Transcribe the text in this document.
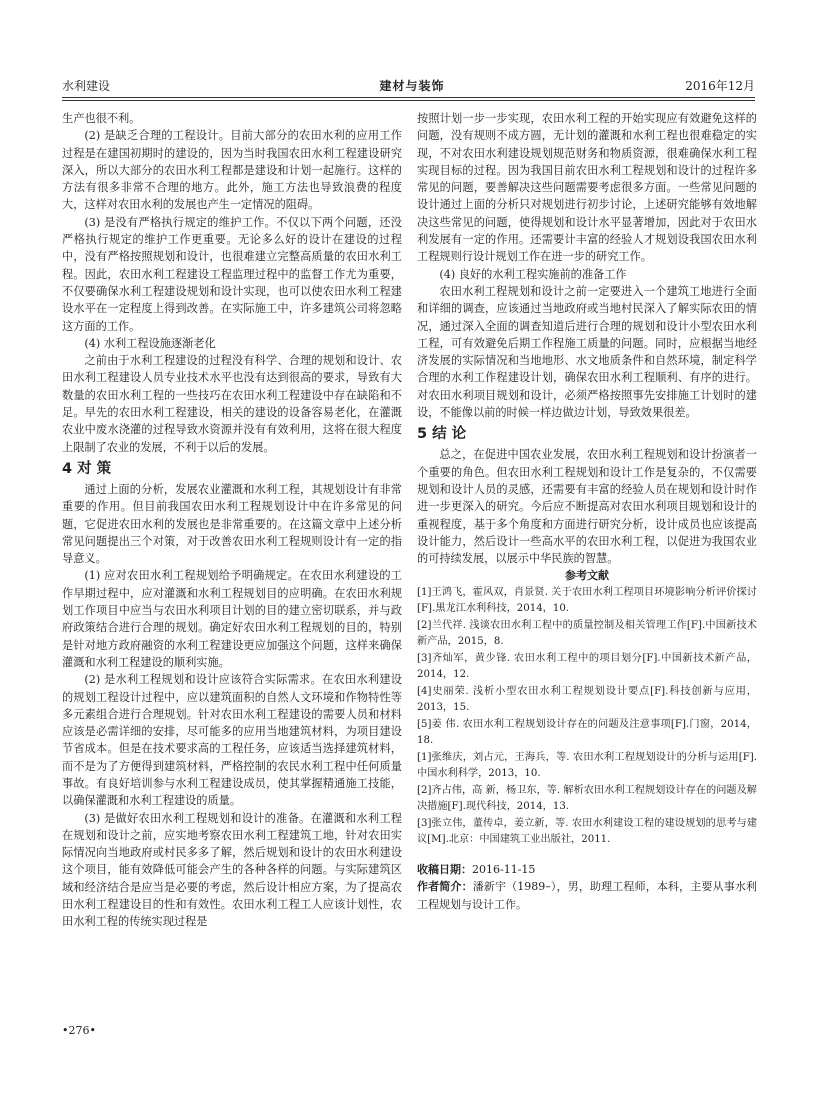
水利建设	建材与装饰	2016年12月

生产也很不利。

(2) 是缺乏合理的工程设计。目前大部分的农田水利的应用工作过程是在建国初期时的建设的，因为当时我国农田水利工程建设研究深入，所以大部分的农田水利工程都是建设和计划一起施行。这样的方法有很多非常不合理的地方。此外，施工方法也导致浪费的程度大，这样对农田水利的发展也产生一定情况的阻碍。

(3) 是没有严格执行规定的维护工作。不仅以下两个问题，还没严格执行规定的维护工作更重要。无论多么好的设计在建设的过程中，没有严格按照规划和设计，也很难建立完整高质量的农田水利工程。因此，农田水利工程建设工程监理过程中的监督工作尤为重要，不仅要确保水利工程建设规划和设计实现，也可以使农田水利工程建设水平在一定程度上得到改善。在实际施工中，许多建筑公司将忽略这方面的工作。

(4) 水利工程设施逐渐老化

之前由于水利工程建设的过程没有科学、合理的规划和设计、农田水利工程建设人员专业技术水平也没有达到很高的要求，导致有大数量的农田水利工程的一些技巧在农田水利工程建设中存在缺陷和不足。早先的农田水利工程建设，相关的建设的设备容易老化，在灌溉农业中废水浇灌的过程导致水资源并没有有效利用，这将在很大程度上限制了农业的发展，不利于以后的发展。

4 对 策

通过上面的分析，发展农业灌溉和水利工程，其规划设计有非常重要的作用。但目前我国农田水利工程规划设计中在许多常见的问题，它促进农田水利的发展也是非常重要的。在这篇文章中上述分析常见问题提出三个对策，对于改善农田水利工程规则设计有一定的指导意义。

(1) 应对农田水利工程规划给予明确规定。在农田水利建设的工作早期过程中，应对灌溉和水利工程规划目的应明确。在农田水利规划工作项目中应当与农田水利项目计划的目的建立密切联系，并与政府政策结合进行合理的规划。确定好农田水利工程规划的目的，特别是针对地方政府融资的水利工程建设更应加强这个问题，这样来确保灌溉和水利工程建设的顺利实施。

(2) 是水利工程规划和设计应该符合实际需求。在农田水利建设的规划工程设计过程中，应以建筑面积的自然人文环境和作物特性等多元素组合进行合理规划。针对农田水利工程建设的需要人员和材料应该是必需详细的安排，尽可能多的应用当地建筑材料，为项目建设节省成本。但是在技术要求高的工程任务，应该适当选择建筑材料，而不是为了方便得到建筑材料，严格控制的农民水利工程中任何质量事故。有良好培训参与水利工程建设成员，使其掌握精通施工技能，以确保灌溉和水利工程建设的质量。

(3) 是做好农田水利工程规划和设计的准备。在灌溉和水利工程在规划和设计之前，应实地考察农田水利工程建筑工地，针对农田实际情况向当地政府或村民多多了解，然后规划和设计的农田水利建设这个项目，能有效降低可能会产生的各种各样的问题。与实际建筑区域和经济结合是应当是必要的考虑，然后设计相应方案，为了提高农田水利工程建设目的性和有效性。农田水利工程工人应该计划性，农田水利工程的传统实现过程是

按照计划一步一步实现，农田水利工程的开始实现应有效避免这样的问题，没有规则不成方圆，无计划的灌溉和水利工程也很难稳定的实现，不对农田水利建设规划规范财务和物质资源，很难确保水利工程实现目标的过程。因为我国目前农田水利工程规划和设计的过程许多常见的问题，要善解决这些问题需要考虑很多方面。一些常见问题的设计通过上面的分析只对规划进行初步讨论，上述研究能够有效地解决这些常见的问题，使得规划和设计水平显著增加，因此对于农田水利发展有一定的作用。还需要计丰富的经验人才规划设我国农田水利工程规则行设计规划工作在进一步的研究工作。

(4) 良好的水利工程实施前的准备工作

农田水利工程规划和设计之前一定要进入一个建筑工地进行全面和详细的调查，应该通过当地政府或当地村民深入了解实际农田的情况，通过深入全面的调查知道后进行合理的规划和设计小型农田水利工程，可有效避免后期工作程施工质量的问题。同时，应根据当地经济发展的实际情况和当地地形、水文地质条件和自然环境，制定科学合理的水利工作程建设计划，确保农田水利工程顺利、有序的进行。对农田水利项目规划和设计，必须严格按照事先安排施工计划时的建设，不能像以前的时候一样边做边计划，导致效果很差。

5 结 论

总之，在促进中国农业发展，农田水利工程规划和设计扮演者一个重要的角色。但农田水利工程规划和设计工作是复杂的，不仅需要规划和设计人员的灵感，还需要有丰富的经验人员在规划和设计时作进一步更深入的研究。今后应不断提高对农田水利项目规划和设计的重视程度，基于多个角度和方面进行研究分析，设计成员也应该提高设计能力，然后设计一些高水平的农田水利工程，以促进为我国农业的可持续发展，以展示中华民族的智慧。

参考文献

[1]王鸿飞，霍风双，肖景贤. 关于农田水利工程项目环境影响分析评价探讨[F].黑龙江水利科技，2014，10.

[2]兰代祥. 浅谈农田水利工程中的质量控制及相关管理工作[F].中国新技术新产品，2015，8.

[3]齐灿军，黄少锋. 农田水利工程中的项目划分[F].中国新技术新产品，2014，12.

[4]史丽荣. 浅析小型农田水利工程规划设计要点[F].科技创新与应用，2013，15.

[5]姜 伟. 农田水利工程规划设计存在的问题及注意事项[F].门窗，2014，18.

[1]张维庆，刘占元，王海兵，等. 农田水利工程规划设计的分析与运用[F].中国水利科学，2013，10.

[2]齐占伟，高 新，杨卫东，等. 解析农田水利工程规划设计存在的问题及解决措施[F].现代科技，2014，13.

[3]张立伟，董传卓，姜立新，等. 农田水利建设工程的建设规划的思考与建议[M].北京：中国建筑工业出版社，2011.

收稿日期：2016-11-15

作者简介：潘新宇（1989–），男，助理工程师，本科，主要从事水利工程规划与设计工作。

•276•
